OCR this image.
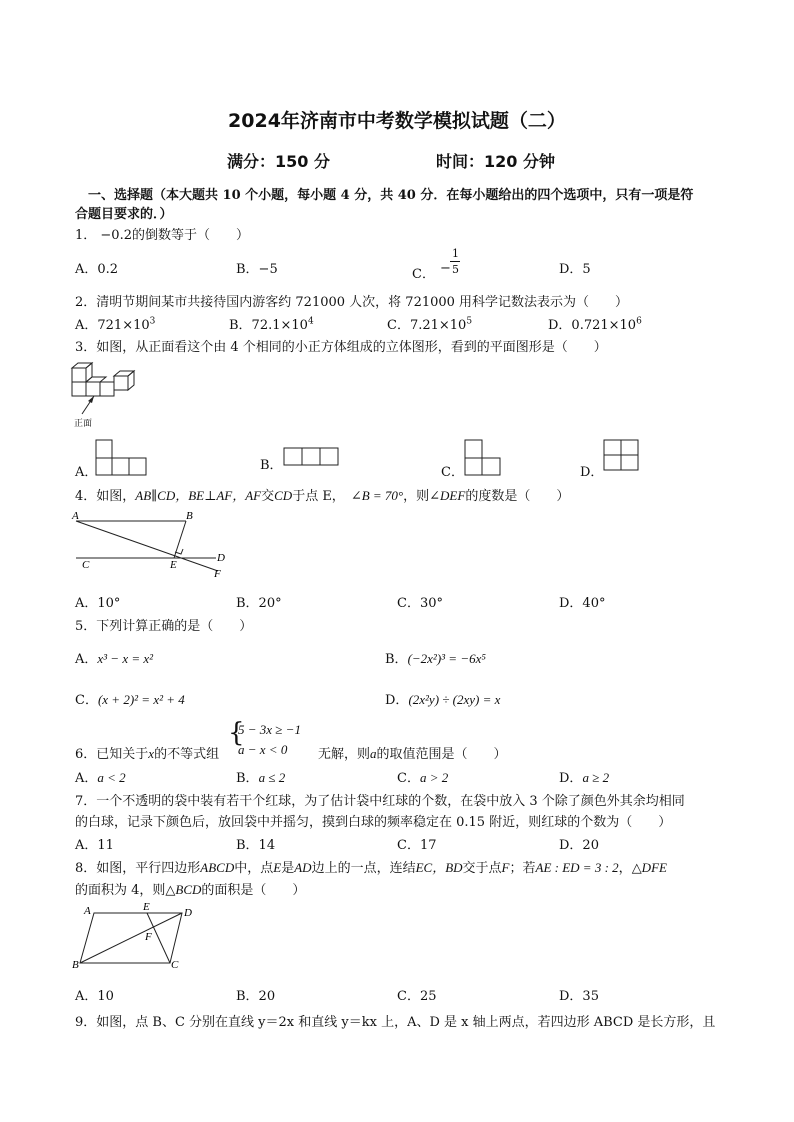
2024年济南市中考数学模拟试题（二）
满分：150 分	时间：120 分钟
一、选择题（本大题共 10 个小题，每小题 4 分，共 40 分．在每小题给出的四个选项中，只有一项是符
合题目要求的．）
1． −0.2的倒数等于（　　）
A．0.2	B．−5	C． −
1
5	D．5
2．清明节期间某市共接待国内游客约 721000 人次，将 721000 用科学记数法表示为（　　）
A．$721\times 10^3$	B．$72.1\times 10^4$	C．$7.21\times 10^5$	D．$0.721\times 10^6$
3．如图，从正面看这个由 4 个相同的小正方体组成的立体图形，看到的平面图形是（　　）
正面
A．	B．	C．	D．
4．如图，AB∥CD，BE⊥AF，AF交CD于点 E， ∠B = 70°，则∠DEF的度数是（　　）
A	B
C
D
E
F
A．10°	B．20°	C．30°	D．40°
5．下列计算正确的是（　　）
A．x³ − x = x²	B．(−2x²)³ = −6x⁵
C．(x + 2)² = x² + 4	D．(2x²y) ÷ (2xy) = x
{
5 − 3x ≥ −1
a − x < 0
6．已知关于x的不等式组	无解，则a的取值范围是（　　）
A．a < 2	B．a ≤ 2	C．a > 2	D．a ≥ 2
7．一个不透明的袋中装有若干个红球，为了估计袋中红球的个数，在袋中放入 3 个除了颜色外其余均相同
的白球，记录下颜色后，放回袋中并摇匀，摸到白球的频率稳定在 0.15 附近，则红球的个数为（　　）
A．11	B．14	C．17	D．20
8．如图，平行四边形ABCD中，点E是AD边上的一点，连结EC，BD交于点F；若AE : ED = 3 : 2，△DFE
的面积为 4，则△BCD的面积是（　　）
A
B	C
D
E
F
A．10	B．20	C．25	D．35
9．如图，点 B、C 分别在直线 y＝2x 和直线 y＝kx 上，A、D 是 x 轴上两点，若四边形 ABCD 是长方形，且
